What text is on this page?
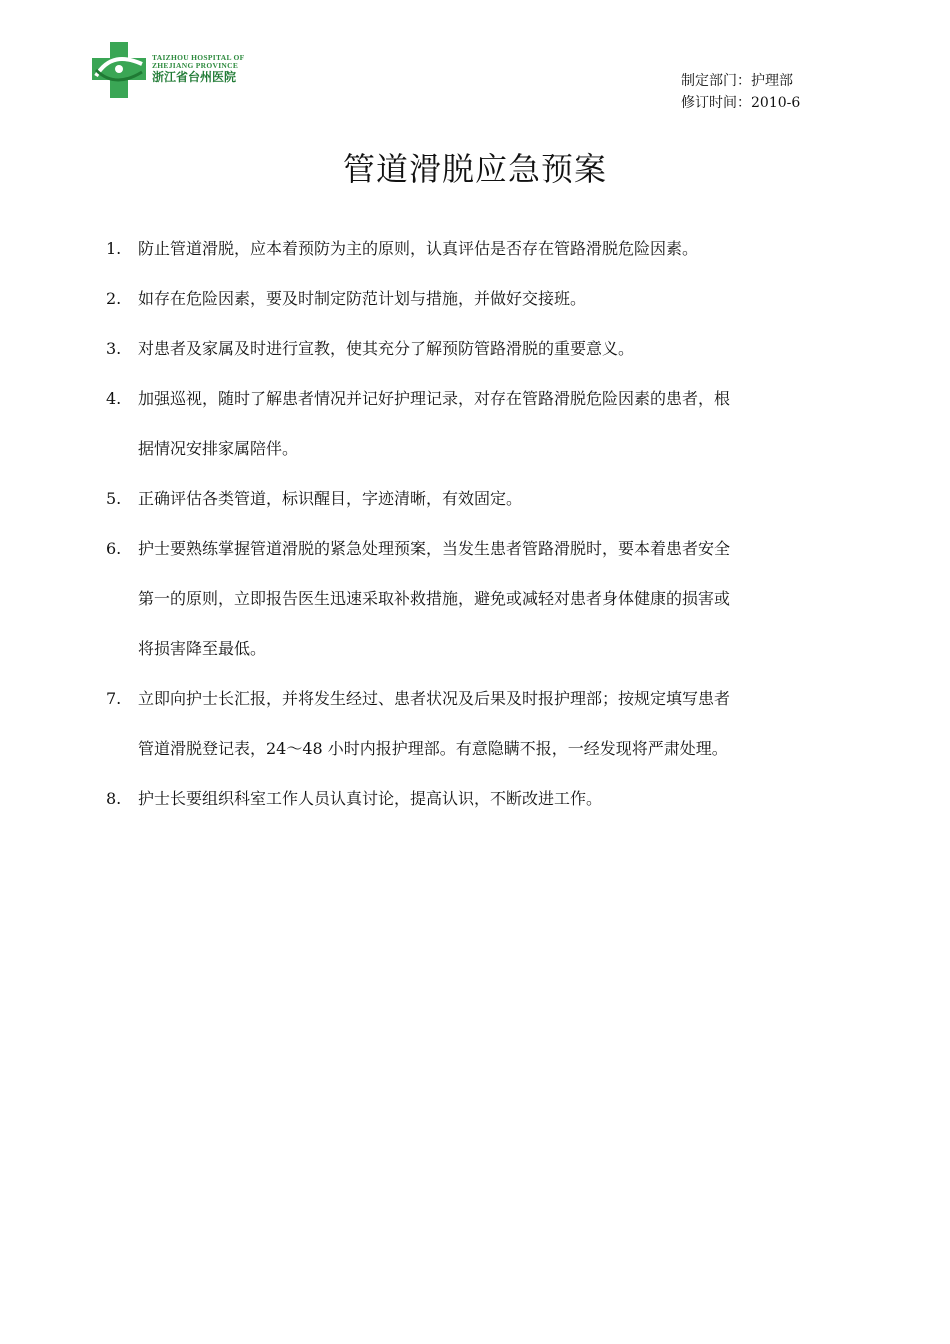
TAIZHOU HOSPITAL OF
ZHEJIANG PROVINCE
浙江省台州医院	制定部门：护理部
修订时间：2010-6
管道滑脱应急预案
1. 防止管道滑脱，应本着预防为主的原则，认真评估是否存在管路滑脱危险因素。
2. 如存在危险因素，要及时制定防范计划与措施，并做好交接班。
3. 对患者及家属及时进行宣教，使其充分了解预防管路滑脱的重要意义。
4. 加强巡视，随时了解患者情况并记好护理记录，对存在管路滑脱危险因素的患者，根
据情况安排家属陪伴。
5. 正确评估各类管道，标识醒目，字迹清晰，有效固定。
6. 护士要熟练掌握管道滑脱的紧急处理预案，当发生患者管路滑脱时，要本着患者安全
第一的原则，立即报告医生迅速采取补救措施，避免或减轻对患者身体健康的损害或
将损害降至最低。
7. 立即向护士长汇报，并将发生经过、患者状况及后果及时报护理部；按规定填写患者
管道滑脱登记表，24～48 小时内报护理部。有意隐瞒不报，一经发现将严肃处理。
8. 护士长要组织科室工作人员认真讨论，提高认识，不断改进工作。
